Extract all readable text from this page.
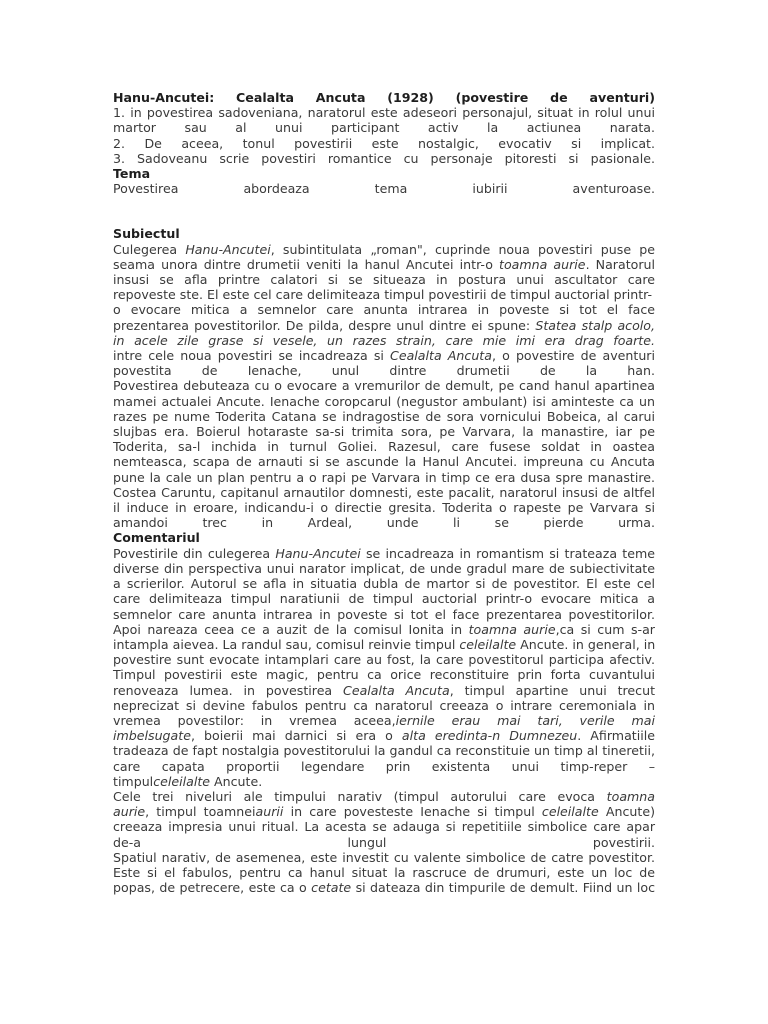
Hanu-Ancutei: Cealalta Ancuta (1928) (povestire de aventuri)
1. in povestirea sadoveniana, naratorul este adeseori personajul, situat in rolul unui
martor sau al unui participant activ la actiunea narata.
2. De aceea, tonul povestirii este nostalgic, evocativ si implicat.
3. Sadoveanu scrie povestiri romantice cu personaje pitoresti si pasionale.
Tema
Povestirea abordeaza tema iubirii aventuroase.
Subiectul
Culegerea Hanu-Ancutei, subintitulata „roman", cuprinde noua povestiri puse pe
seama unora dintre drumetii veniti la hanul Ancutei intr-o toamna aurie. Naratorul
insusi se afla printre calatori si se situeaza in postura unui ascultator care
repoveste ste. El este cel care delimiteaza timpul povestirii de timpul auctorial printr-
o evocare mitica a semnelor care anunta intrarea in poveste si tot el face
prezentarea povestitorilor. De pilda, despre unul dintre ei spune: Statea stalp acolo,
in acele zile grase si vesele, un razes strain, care mie imi era drag foarte.
intre cele noua povestiri se incadreaza si Cealalta Ancuta, o povestire de aventuri
povestita de Ienache, unul dintre drumetii de la han.
Povestirea debuteaza cu o evocare a vremurilor de demult, pe cand hanul apartinea
mamei actualei Ancute. Ienache coropcarul (negustor ambulant) isi aminteste ca un
razes pe nume Toderita Catana se indragostise de sora vornicului Bobeica, al carui
slujbas era. Boierul hotaraste sa-si trimita sora, pe Varvara, la manastire, iar pe
Toderita, sa-l inchida in turnul Goliei. Razesul, care fusese soldat in oastea
nemteasca, scapa de arnauti si se ascunde la Hanul Ancutei. impreuna cu Ancuta
pune la cale un plan pentru a o rapi pe Varvara in timp ce era dusa spre manastire.
Costea Caruntu, capitanul arnautilor domnesti, este pacalit, naratorul insusi de altfel
il induce in eroare, indicandu-i o directie gresita. Toderita o rapeste pe Varvara si
amandoi trec in Ardeal, unde li se pierde urma.
Comentariul
Povestirile din culegerea Hanu-Ancutei se incadreaza in romantism si trateaza teme
diverse din perspectiva unui narator implicat, de unde gradul mare de subiectivitate
a scrierilor. Autorul se afla in situatia dubla de martor si de povestitor. El este cel
care delimiteaza timpul naratiunii de timpul auctorial printr-o evocare mitica a
semnelor care anunta intrarea in poveste si tot el face prezentarea povestitorilor.
Apoi nareaza ceea ce a auzit de la comisul Ionita in toamna aurie,ca si cum s-ar
intampla aievea. La randul sau, comisul reinvie timpul celeilalte Ancute. in general, in
povestire sunt evocate intamplari care au fost, la care povestitorul participa afectiv.
Timpul povestirii este magic, pentru ca orice reconstituire prin forta cuvantului
renoveaza lumea. in povestirea Cealalta Ancuta, timpul apartine unui trecut
neprecizat si devine fabulos pentru ca naratorul creeaza o intrare ceremoniala in
vremea povestilor: in vremea aceea,iernile erau mai tari, verile mai
imbelsugate, boierii mai darnici si era o alta eredinta-n Dumnezeu. Afirmatiile
tradeaza de fapt nostalgia povestitorului la gandul ca reconstituie un timp al tineretii,
care capata proportii legendare prin existenta unui timp-reper –
timpulceleilalte Ancute.
Cele trei niveluri ale timpului narativ (timpul autorului care evoca toamna
aurie, timpul toamneiaurii in care povesteste Ienache si timpul celeilalte Ancute)
creeaza impresia unui ritual. La acesta se adauga si repetitiile simbolice care apar
de-a lungul povestirii.
Spatiul narativ, de asemenea, este investit cu valente simbolice de catre povestitor.
Este si el fabulos, pentru ca hanul situat la rascruce de drumuri, este un loc de
popas, de petrecere, este ca o cetate si dateaza din timpurile de demult. Fiind un loc
